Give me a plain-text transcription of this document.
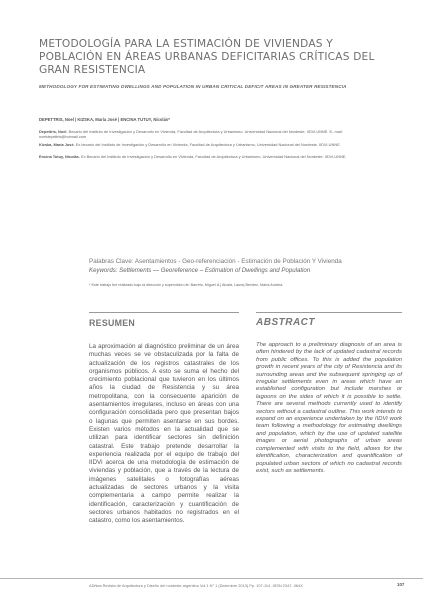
METODOLOGÍA PARA LA ESTIMACIÓN DE VIVIENDAS Y POBLACIÓN EN ÁREAS URBANAS DEFICITARIAS CRÍTICAS DEL GRAN RESISTENCIA
METHODOLOGY FOR ESTIMATING DWELLINGS AND POPULATION IN URBAN CRITICAL DEFICIT AREAS IN GREATER RESISTENCIA
DEPETTRIS, Noel | KIZSKA, María José | ENCINA TUTUY, Nicolás*
Depettris, Noel. Becario del Instituto de Investigación y Desarrollo en Vivienda, Facultad de Arquitectura y Urbanismo, Universidad Nacional del Nordeste. IIDVi-UNNE. E- mail: noeldepettris@hotmail.com
Kizska, María José. Ex becario del Instituto de Investigación y Desarrollo en Vivienda, Facultad de Arquitectura y Urbanismo, Universidad Nacional del Nordeste. IIDVi-UNNE.
Encina Tutuy, Nicolás. Ex Becario del Instituto de Investigación y Desarrollo en Vivienda, Facultad de Arquitectura y Urbanismo, Universidad Nacional del Nordeste. IIDVi-UNNE.
Palabras Clave: Asentamientos - Geo-referenciación - Estimación de Población Y Vivienda
Keywords: Settlements — Georeference – Estimation of Dwellings and Population
* Este trabajo fue realizado bajo la dirección y supervisión de: Barreto, Miguel Á.| Alcalá, Laura| Benítez, María Andrea.
RESUMEN	ABSTRACT

La aproximación al diagnóstico preliminar de un área muchas veces se ve obstaculizada por la falta de actualización de los registros catastrales de los organismos públicos. A esto se suma el hecho del crecimiento poblacional que tuvieron en los últimos años la ciudad de Resistencia y su área metropolitana, con la consecuente aparición de asentamientos irregulares, incluso en áreas con una configuración consolidada pero que presentan bajos o lagunas que permiten asentarse en sus bordes. Existen varios métodos en la actualidad que se utilizan para identificar sectores sin definición catastral. Este trabajo pretende desarrollar la experiencia realizada por el equipo de trabajo del IIDVi acerca de una metodología de estimación de viviendas y población, que a través de la lectura de imágenes satelitales o fotografías aéreas actualizadas de sectores urbanos y la visita complementaria a campo permite realizar la identificación, caracterización y cuantificación de sectores urbanos habitados no registrados en el catastro, como los asentamientos.

The approach to a preliminary diagnosis of an area is often hindered by the lack of updated cadastral records from public offices. To this is added the population growth in recent years of the city of Resistencia and its surrounding areas and the subsequent springing up of irregular settlements even in areas which have an established configuration but include marshes or lagoons on the sides of which it is possible to settle. There are several methods currently used to identify sectors without a cadastral outline. This work intends to expand on an experience undertaken by the IIDVi work team following a methodology for estimating dwellings and population, which by the use of updated satellite images or aerial photographs of urban areas complemented with visits to the field, allows for the identification, characterization and quantification of populated urban sectors of which no cadastral records exist, such as settlements.

ADNea Revista de Arquitectura y Diseño del nordeste argentino Vol 1 N° 1 (Diciembre 2013) Pp. 107-114 -ISSN 2347- 064X	107
